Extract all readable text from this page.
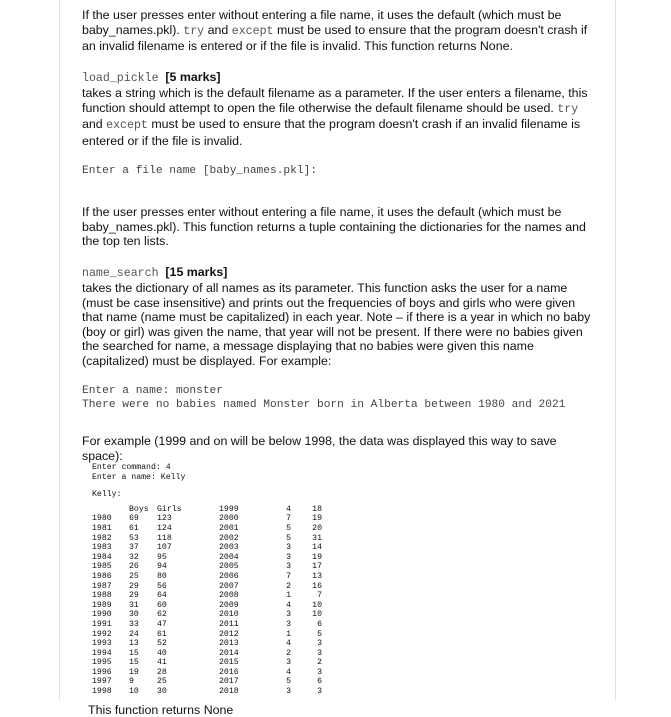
If the user presses enter without entering a file name, it uses the default (which must be baby_names.pkl). try and except must be used to ensure that the program doesn't crash if an invalid filename is entered or if the file is invalid. This function returns None.

load_pickle [5 marks]
takes a string which is the default filename as a parameter. If the user enters a filename, this function should attempt to open the file otherwise the default filename should be used. try and except must be used to ensure that the program doesn't crash if an invalid filename is entered or if the file is invalid.

Enter a file name [baby_names.pkl]:

If the user presses enter without entering a file name, it uses the default (which must be baby_names.pkl). This function returns a tuple containing the dictionaries for the names and the top ten lists.

name_search [15 marks]
takes the dictionary of all names as its parameter. This function asks the user for a name (must be case insensitive) and prints out the frequencies of boys and girls who were given that name (name must be capitalized) in each year. Note – if there is a year in which no baby (boy or girl) was given the name, that year will not be present. If there were no babies given the searched for name, a message displaying that no babies were given this name (capitalized) must be displayed. For example:

Enter a name: monster
There were no babies named Monster born in Alberta between 1980 and 2021

For example (1999 and on will be below 1998, the data was displayed this way to save space):

Enter command: 4
Enter a name: Kelly
Kelly:
	Boys	Girls
1980	69	123
1981	61	124
1982	53	118
1983	37	107
1984	32	95
1985	26	94
1986	25	80
1987	29	56
1988	29	64
1989	31	60
1990	30	62
1991	33	47
1992	24	61
1993	13	52
1994	15	40
1995	15	41
1996	19	28
1997	9	25
1998	10	30
1999	4	18
2000	7	19
2001	5	20
2002	5	31
2003	3	14
2004	3	19
2005	3	17
2006	7	13
2007	2	16
2008	1	7
2009	4	10
2010	3	10
2011	3	6
2012	1	5
2013	4	3
2014	2	3
2015	3	2
2016	4	3
2017	5	6
2018	3	3

This function returns None
